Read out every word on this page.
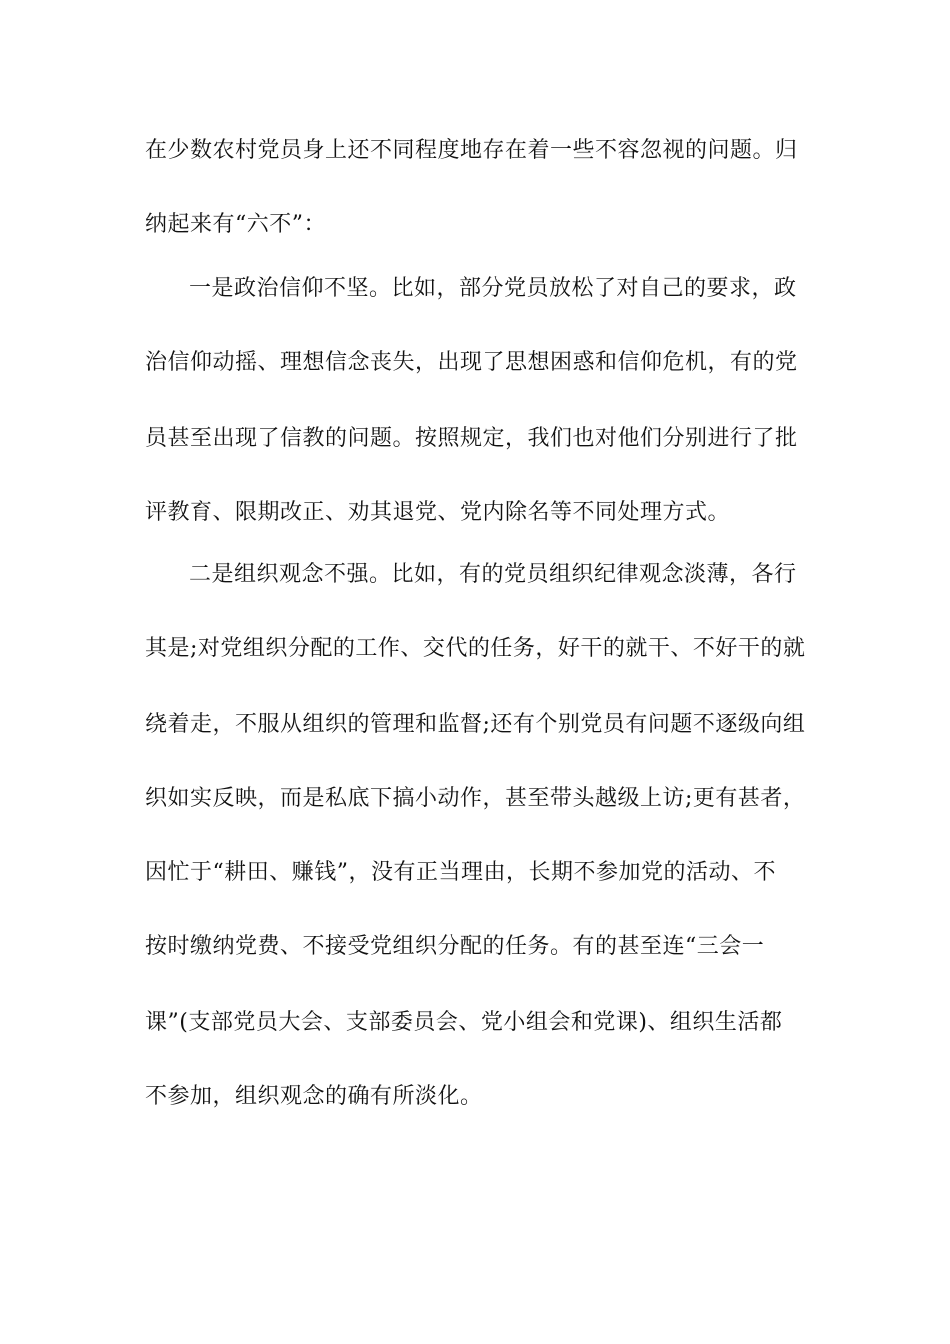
在少数农村党员身上还不同程度地存在着一些不容忽视的问题。归
纳起来有“六不”：
一是政治信仰不坚。比如，部分党员放松了对自己的要求，政
治信仰动摇、理想信念丧失，出现了思想困惑和信仰危机，有的党
员甚至出现了信教的问题。按照规定，我们也对他们分别进行了批
评教育、限期改正、劝其退党、党内除名等不同处理方式。
二是组织观念不强。比如，有的党员组织纪律观念淡薄，各行
其是;对党组织分配的工作、交代的任务，好干的就干、不好干的就
绕着走，不服从组织的管理和监督;还有个别党员有问题不逐级向组
织如实反映，而是私底下搞小动作，甚至带头越级上访;更有甚者，
因忙于“耕田、赚钱”，没有正当理由，长期不参加党的活动、不
按时缴纳党费、不接受党组织分配的任务。有的甚至连“三会一
课”(支部党员大会、支部委员会、党小组会和党课)、组织生活都
不参加，组织观念的确有所淡化。
